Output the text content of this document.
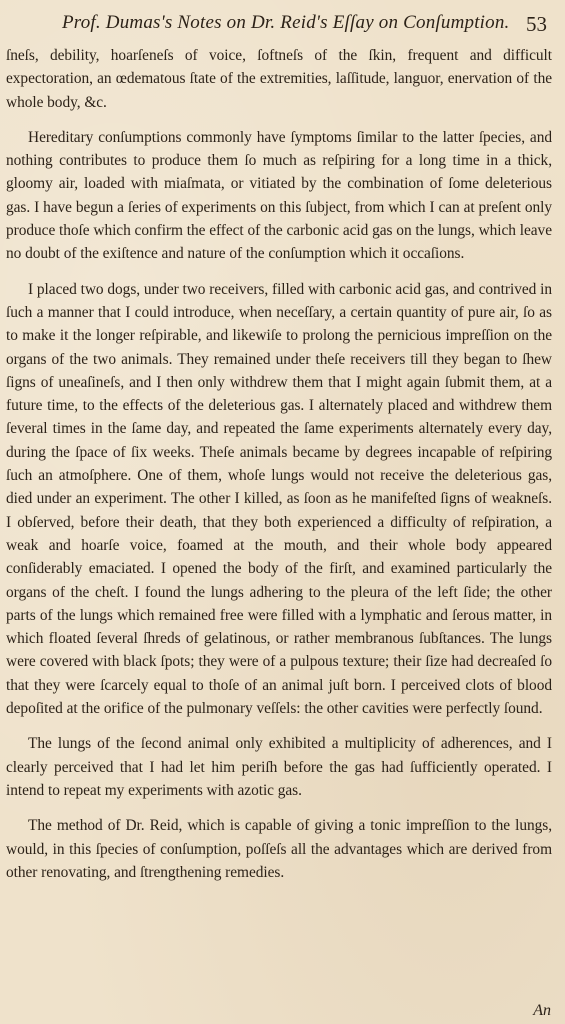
Prof. Dumas's Notes on Dr. Reid's Eſſay on Conſumption. 53

ſneſs, debility, hoarſeneſs of voice, ſoftneſs of the ſkin, frequent and difficult expectoration, an œdematous ſtate of the extremities, laſſitude, languor, enervation of the whole body, &c.

Hereditary conſumptions commonly have ſymptoms ſimilar to the latter ſpecies, and nothing contributes to produce them ſo much as reſpiring for a long time in a thick, gloomy air, loaded with miaſmata, or vitiated by the combination of ſome deleterious gas. I have begun a ſeries of experiments on this ſubject, from which I can at preſent only produce thoſe which confirm the effect of the carbonic acid gas on the lungs, which leave no doubt of the exiſtence and nature of the conſumption which it occaſions.

I placed two dogs, under two receivers, filled with carbonic acid gas, and contrived in ſuch a manner that I could introduce, when neceſſary, a certain quantity of pure air, ſo as to make it the longer reſpirable, and likewiſe to prolong the pernicious impreſſion on the organs of the two animals. They remained under theſe receivers till they began to ſhew ſigns of uneaſineſs, and I then only withdrew them that I might again ſubmit them, at a future time, to the effects of the deleterious gas. I alternately placed and withdrew them ſeveral times in the ſame day, and repeated the ſame experiments alternately every day, during the ſpace of ſix weeks. Theſe animals became by degrees incapable of reſpiring ſuch an atmoſphere. One of them, whoſe lungs would not receive the deleterious gas, died under an experiment. The other I killed, as ſoon as he manifeſted ſigns of weakneſs. I obſerved, before their death, that they both experienced a difficulty of reſpiration, a weak and hoarſe voice, foamed at the mouth, and their whole body appeared conſiderably emaciated. I opened the body of the firſt, and examined particularly the organs of the cheſt. I found the lungs adhering to the pleura of the left ſide; the other parts of the lungs which remained free were filled with a lymphatic and ſerous matter, in which floated ſeveral ſhreds of gelatinous, or rather membranous ſubſtances. The lungs were covered with black ſpots; they were of a pulpous texture; their ſize had decreaſed ſo that they were ſcarcely equal to thoſe of an animal juſt born. I perceived clots of blood depoſited at the orifice of the pulmonary veſſels: the other cavities were perfectly ſound.

The lungs of the ſecond animal only exhibited a multiplicity of adherences, and I clearly perceived that I had let him periſh before the gas had ſufficiently operated. I intend to repeat my experiments with azotic gas.

The method of Dr. Reid, which is capable of giving a tonic impreſſion to the lungs, would, in this ſpecies of conſumption, poſſeſs all the advantages which are derived from other renovating, and ſtrengthening remedies.

An
